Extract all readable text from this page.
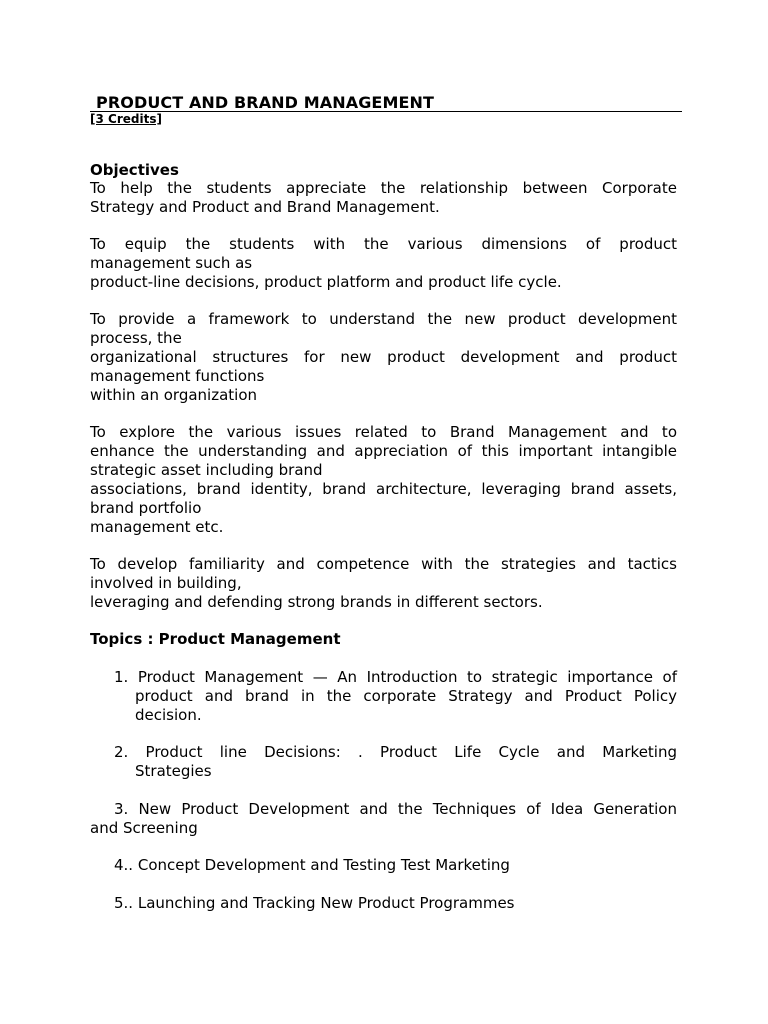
PRODUCT AND BRAND MANAGEMENT
[3 Credits]
Objectives
To help the students appreciate the relationship between Corporate
Strategy and Product and Brand Management.
To equip the students with the various dimensions of product
management such as
product-line decisions, product platform and product life cycle.
To provide a framework to understand the new product development
process, the
organizational structures for new product development and product
management functions
within an organization
To explore the various issues related to Brand Management and to
enhance the understanding and appreciation of this important intangible
strategic asset including brand
associations, brand identity, brand architecture, leveraging brand assets,
brand portfolio
management etc.
To develop familiarity and competence with the strategies and tactics
involved in building,
leveraging and defending strong brands in different sectors.
Topics : Product Management
1. Product Management — An Introduction to strategic importance of
product and brand in the corporate Strategy and Product Policy
decision.
2. Product line Decisions: . Product Life Cycle and Marketing
Strategies
3. New Product Development and the Techniques of Idea Generation
and Screening
4.. Concept Development and Testing Test Marketing
5.. Launching and Tracking New Product Programmes
